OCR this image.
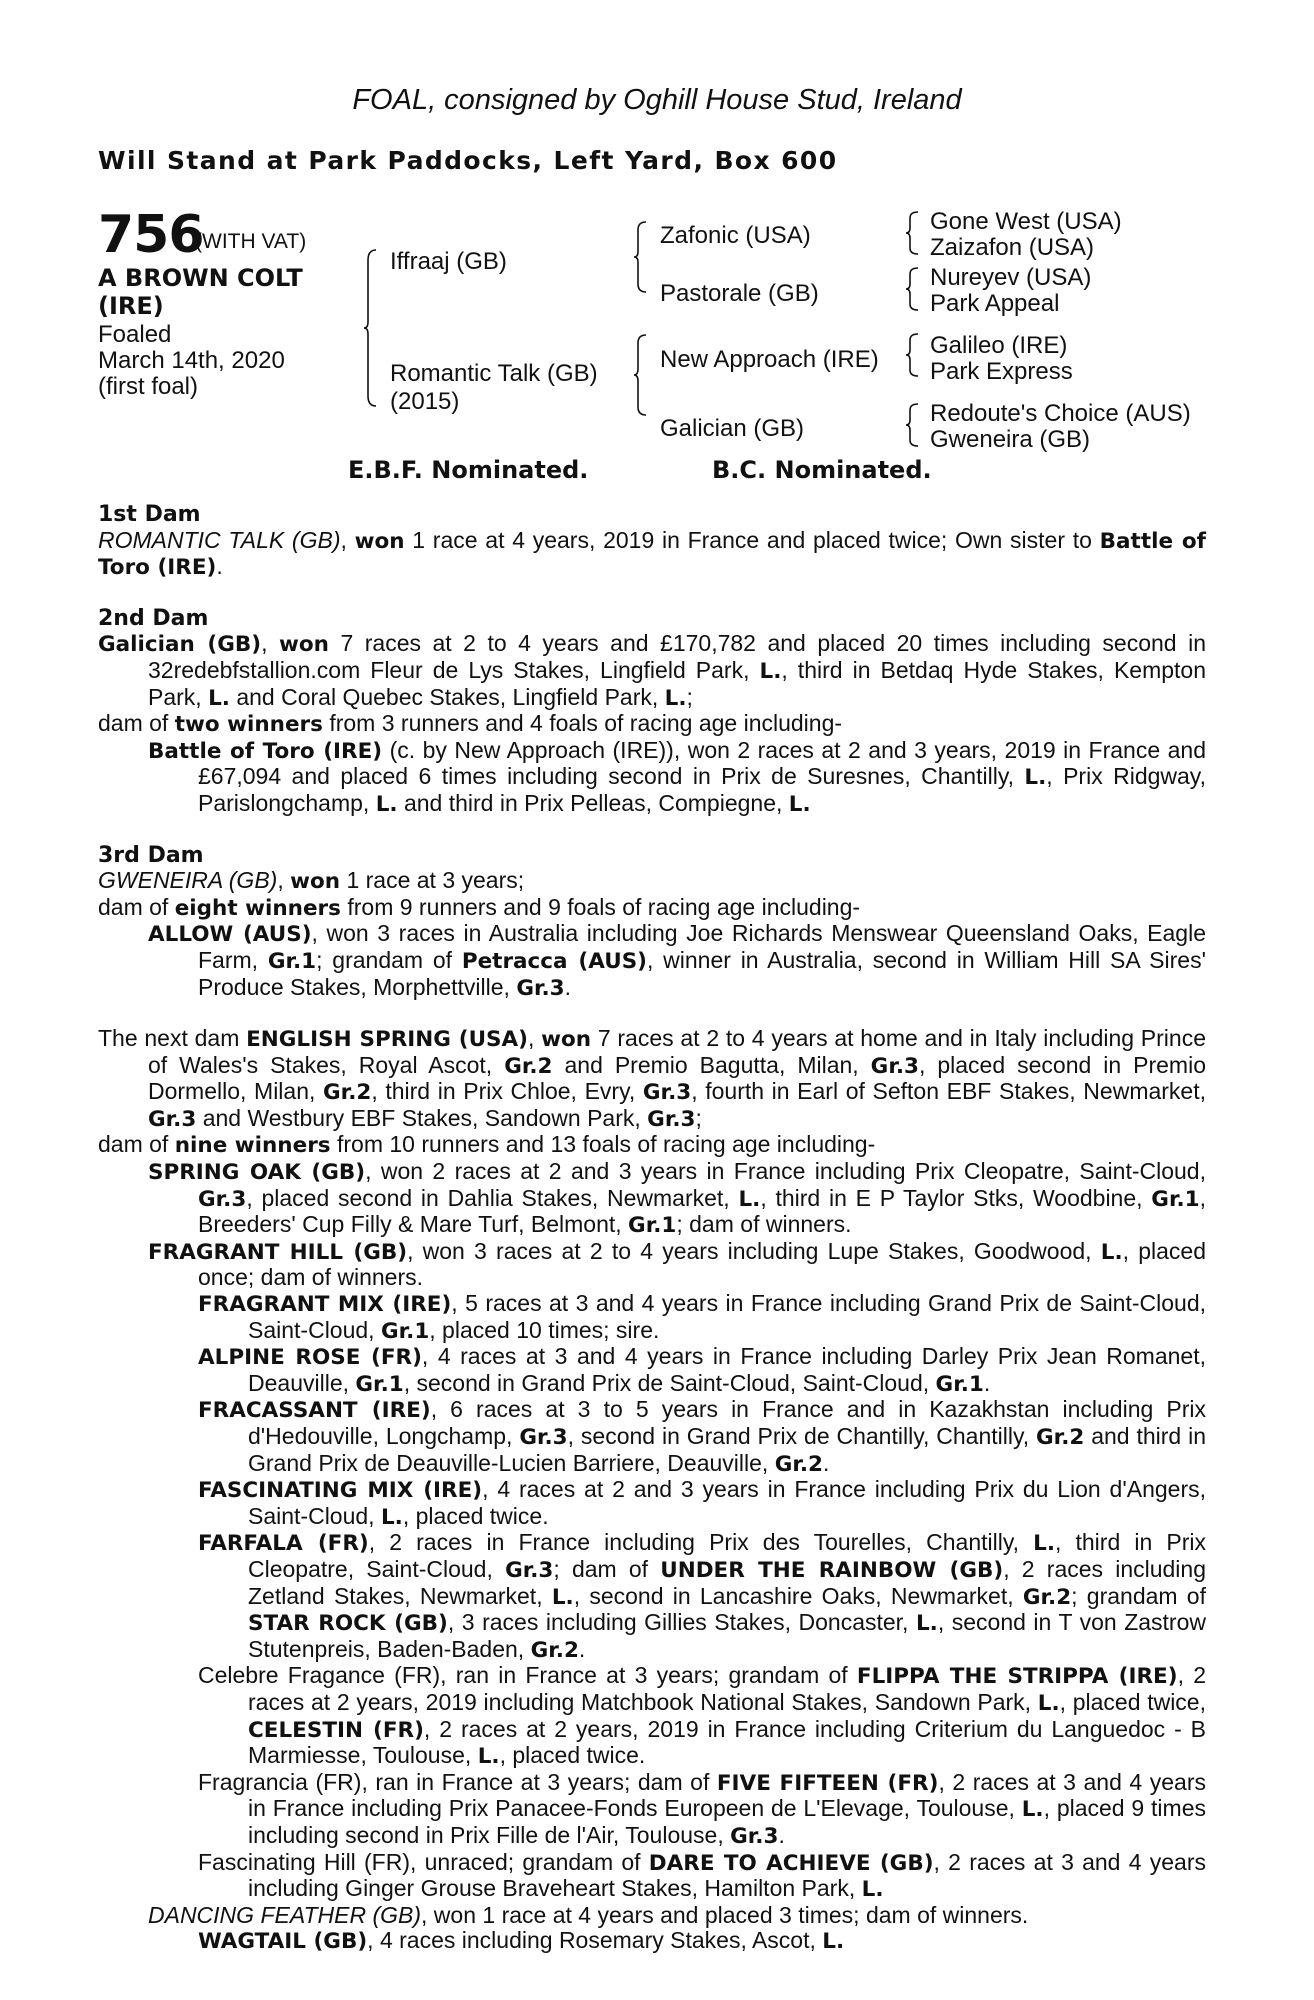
FOAL, consigned by Oghill House Stud, Ireland
Will Stand at Park Paddocks, Left Yard, Box 600
756
(WITH VAT)
A BROWN COLT
(IRE)
Foaled
March 14th, 2020
(first foal)
Iffraaj (GB)
Romantic Talk (GB)
(2015)
Zafonic (USA)
Pastorale (GB)
New Approach (IRE)
Galician (GB)
Gone West (USA)
Zaizafon (USA)
Nureyev (USA)
Park Appeal
Galileo (IRE)
Park Express
Redoute's Choice (AUS)
Gweneira (GB)
E.B.F. Nominated.	B.C. Nominated.

1st Dam

ROMANTIC TALK (GB), won 1 race at 4 years, 2019 in France and placed twice; Own sister to Battle of Toro (IRE).

2nd Dam

Galician (GB), won 7 races at 2 to 4 years and £170,782 and placed 20 times including second in 32redebfstallion.com Fleur de Lys Stakes, Lingfield Park, L., third in Betdaq Hyde Stakes, Kempton Park, L. and Coral Quebec Stakes, Lingfield Park, L.;

dam of two winners from 3 runners and 4 foals of racing age including-

Battle of Toro (IRE) (c. by New Approach (IRE)), won 2 races at 2 and 3 years, 2019 in France and £67,094 and placed 6 times including second in Prix de Suresnes, Chantilly, L., Prix Ridgway, Parislongchamp, L. and third in Prix Pelleas, Compiegne, L.

3rd Dam

GWENEIRA (GB), won 1 race at 3 years;

dam of eight winners from 9 runners and 9 foals of racing age including-

ALLOW (AUS), won 3 races in Australia including Joe Richards Menswear Queensland Oaks, Eagle Farm, Gr.1; grandam of Petracca (AUS), winner in Australia, second in William Hill SA Sires' Produce Stakes, Morphettville, Gr.3.

The next dam ENGLISH SPRING (USA), won 7 races at 2 to 4 years at home and in Italy including Prince of Wales's Stakes, Royal Ascot, Gr.2 and Premio Bagutta, Milan, Gr.3, placed second in Premio Dormello, Milan, Gr.2, third in Prix Chloe, Evry, Gr.3, fourth in Earl of Sefton EBF Stakes, Newmarket, Gr.3 and Westbury EBF Stakes, Sandown Park, Gr.3;

dam of nine winners from 10 runners and 13 foals of racing age including-

SPRING OAK (GB), won 2 races at 2 and 3 years in France including Prix Cleopatre, Saint-Cloud, Gr.3, placed second in Dahlia Stakes, Newmarket, L., third in E P Taylor Stks, Woodbine, Gr.1, Breeders' Cup Filly & Mare Turf, Belmont, Gr.1; dam of winners.

FRAGRANT HILL (GB), won 3 races at 2 to 4 years including Lupe Stakes, Goodwood, L., placed once; dam of winners.

FRAGRANT MIX (IRE), 5 races at 3 and 4 years in France including Grand Prix de Saint-Cloud, Saint-Cloud, Gr.1, placed 10 times; sire.

ALPINE ROSE (FR), 4 races at 3 and 4 years in France including Darley Prix Jean Romanet, Deauville, Gr.1, second in Grand Prix de Saint-Cloud, Saint-Cloud, Gr.1.

FRACASSANT (IRE), 6 races at 3 to 5 years in France and in Kazakhstan including Prix d'Hedouville, Longchamp, Gr.3, second in Grand Prix de Chantilly, Chantilly, Gr.2 and third in Grand Prix de Deauville-Lucien Barriere, Deauville, Gr.2.

FASCINATING MIX (IRE), 4 races at 2 and 3 years in France including Prix du Lion d'Angers, Saint-Cloud, L., placed twice.

FARFALA (FR), 2 races in France including Prix des Tourelles, Chantilly, L., third in Prix Cleopatre, Saint-Cloud, Gr.3; dam of UNDER THE RAINBOW (GB), 2 races including Zetland Stakes, Newmarket, L., second in Lancashire Oaks, Newmarket, Gr.2; grandam of STAR ROCK (GB), 3 races including Gillies Stakes, Doncaster, L., second in T von Zastrow Stutenpreis, Baden-Baden, Gr.2.

Celebre Fragance (FR), ran in France at 3 years; grandam of FLIPPA THE STRIPPA (IRE), 2 races at 2 years, 2019 including Matchbook National Stakes, Sandown Park, L., placed twice, CELESTIN (FR), 2 races at 2 years, 2019 in France including Criterium du Languedoc - B Marmiesse, Toulouse, L., placed twice.

Fragrancia (FR), ran in France at 3 years; dam of FIVE FIFTEEN (FR), 2 races at 3 and 4 years in France including Prix Panacee-Fonds Europeen de L'Elevage, Toulouse, L., placed 9 times including second in Prix Fille de l'Air, Toulouse, Gr.3.

Fascinating Hill (FR), unraced; grandam of DARE TO ACHIEVE (GB), 2 races at 3 and 4 years including Ginger Grouse Braveheart Stakes, Hamilton Park, L.

DANCING FEATHER (GB), won 1 race at 4 years and placed 3 times; dam of winners.

WAGTAIL (GB), 4 races including Rosemary Stakes, Ascot, L.
